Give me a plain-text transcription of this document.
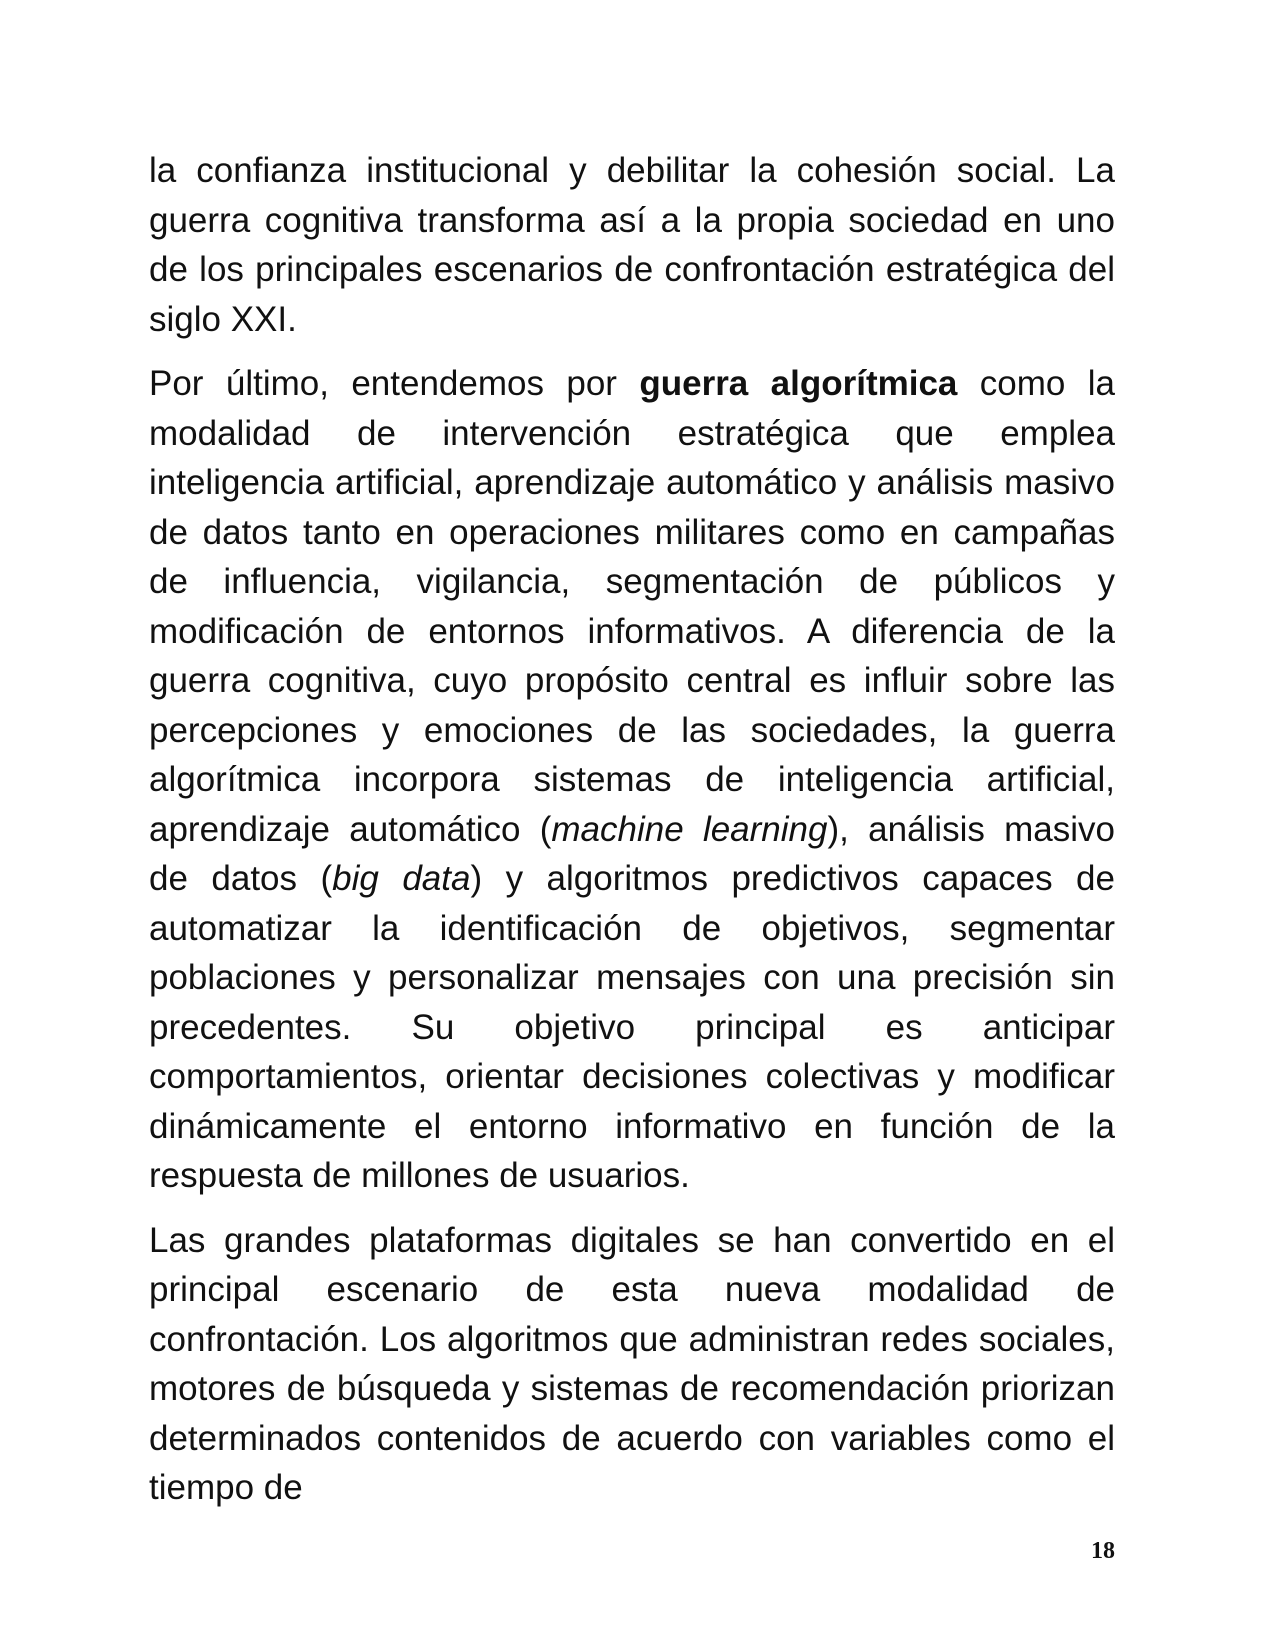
la confianza institucional y debilitar la cohesión social. La guerra cognitiva transforma así a la propia sociedad en uno de los principales escenarios de confrontación estratégica del siglo XXI.

Por último, entendemos por guerra algorítmica como la modalidad de intervención estratégica que emplea inteligencia artificial, aprendizaje automático y análisis masivo de datos tanto en operaciones militares como en campañas de influencia, vigilancia, segmentación de públicos y modificación de entornos informativos. A diferencia de la guerra cognitiva, cuyo propósito central es influir sobre las percepciones y emociones de las sociedades, la guerra algorítmica incorpora sistemas de inteligencia artificial, aprendizaje automático (machine learning), análisis masivo de datos (big data) y algoritmos predictivos capaces de automatizar la identificación de objetivos, segmentar poblaciones y personalizar mensajes con una precisión sin precedentes. Su objetivo principal es anticipar comportamientos, orientar decisiones colectivas y modificar dinámicamente el entorno informativo en función de la respuesta de millones de usuarios.

Las grandes plataformas digitales se han convertido en el principal escenario de esta nueva modalidad de confrontación. Los algoritmos que administran redes sociales, motores de búsqueda y sistemas de recomendación priorizan determinados contenidos de acuerdo con variables como el tiempo de

18
